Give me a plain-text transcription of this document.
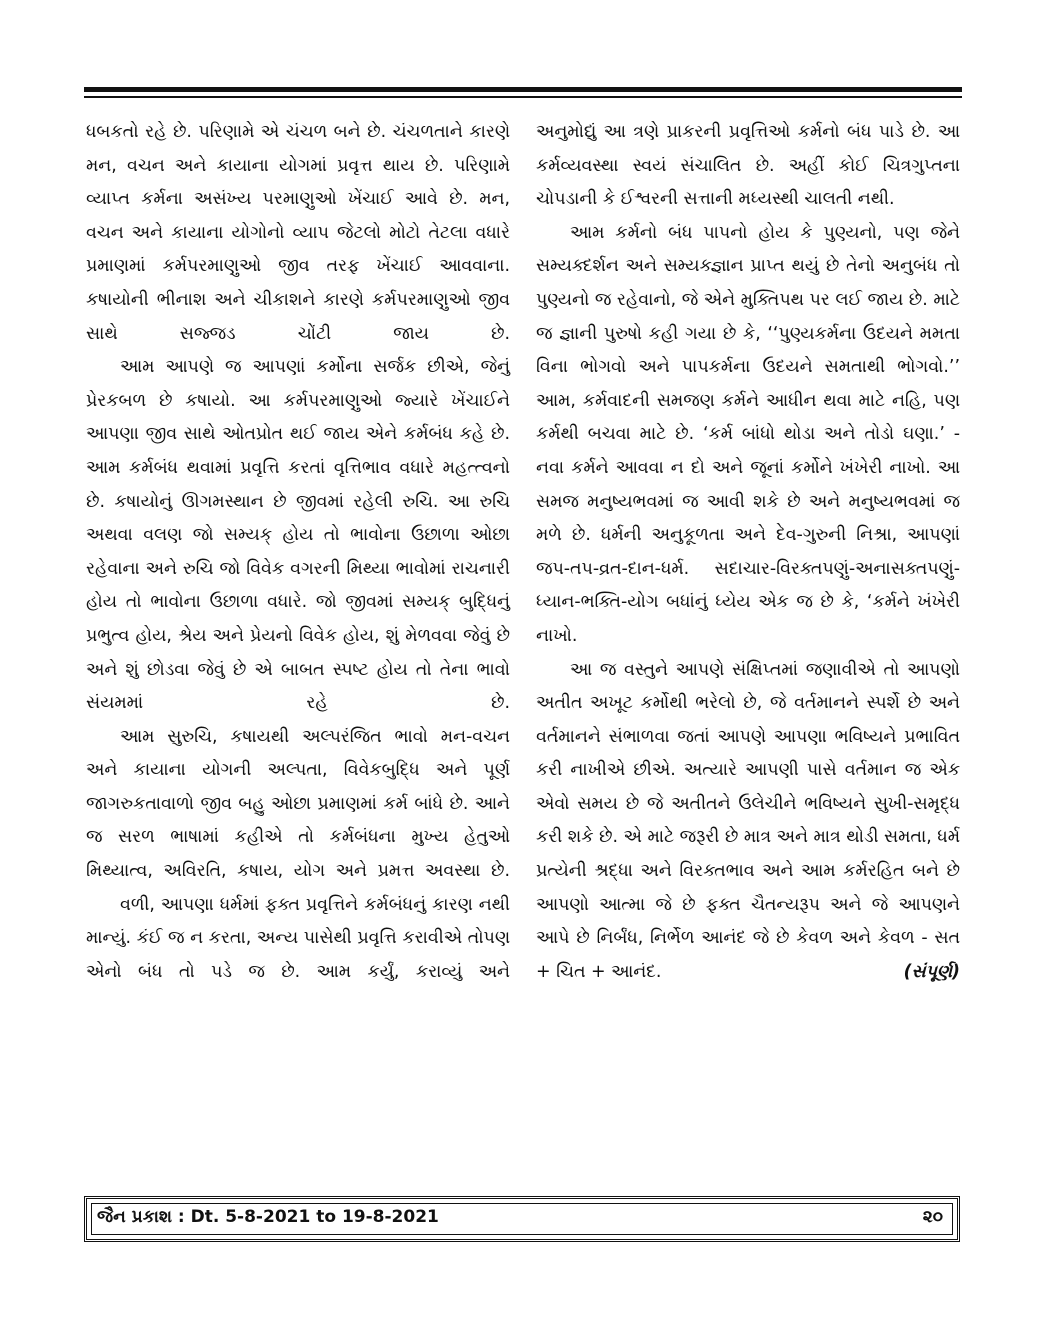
ધબકતો રહે છે. પરિણામે એ ચંચળ બને છે. ચંચળતાને કારણે મન, વચન અને કાયાના યોગમાં પ્રવૃત્ત થાય છે. પરિણામે વ્યાપ્ત કર્મના અસંખ્ય પરમાણુઓ ખેંચાઈ આવે છે. મન, વચન અને કાયાના યોગોનો વ્યાપ જેટલો મોટો તેટલા વધારે પ્રમાણમાં કર્મપરમાણુઓ જીવ તરફ ખેંચાઈ આવવાના. કષાયોની ભીનાશ અને ચીકાશને કારણે કર્મપરમાણુઓ જીવ સાથે સજ્જડ ચોંટી જાય છે.

આમ આપણે જ આપણાં કર્મોના સર્જક છીએ, જેનું પ્રેરકબળ છે કષાયો. આ કર્મપરમાણુઓ જ્યારે ખેંચાઈને આપણા જીવ સાથે ઓતપ્રોત થઈ જાય એને કર્મબંધ કહે છે. આમ કર્મબંધ થવામાં પ્રવૃત્તિ કરતાં વૃત્તિભાવ વધારે મહત્ત્વનો છે. કષાયોનું ઊગમસ્થાન છે જીવમાં રહેલી રુચિ. આ રુચિ અથવા વલણ જો સમ્યક્ હોય તો ભાવોના ઉછાળા ઓછા રહેવાના અને રુચિ જો વિવેક વગરની મિથ્યા ભાવોમાં રાચનારી હોય તો ભાવોના ઉછાળા વધારે. જો જીવમાં સમ્યક્ બુદ્ધિનું પ્રભુત્વ હોય, શ્રેય અને પ્રેયનો વિવેક હોય, શું મેળવવા જેવું છે અને શું છોડવા જેવું છે એ બાબત સ્પષ્ટ હોય તો તેના ભાવો સંયમમાં રહે છે.

આમ સુરુચિ, કષાયથી અલ્પરંજિત ભાવો મન-વચન અને કાયાના યોગની અલ્પતા, વિવેકબુદ્ધિ અને પૂર્ણ જાગરુકતાવાળો જીવ બહુ ઓછા પ્રમાણમાં કર્મ બાંધે છે. આને જ સરળ ભાષામાં કહીએ તો કર્મબંધના મુખ્ય હેતુઓ મિથ્યાત્વ, અવિરતિ, કષાય, યોગ અને પ્રમત્ત અવસ્થા છે.

વળી, આપણા ધર્મમાં ફક્ત પ્રવૃત્તિને કર્મબંધનું કારણ નથી માન્યું. કંઈ જ ન કરતા, અન્ય પાસેથી પ્રવૃત્તિ કરાવીએ તોપણ એનો બંધ તો પડે જ છે. આમ કર્યું, કરાવ્યું અને

અનુમોદ્યું આ ત્રણે પ્રાકરની પ્રવૃત્તિઓ કર્મનો બંધ પાડે છે. આ કર્મવ્યવસ્થા સ્વયં સંચાલિત છે. અહીં કોઈ ચિત્રગુપ્તના ચોપડાની કે ઈશ્વરની સત્તાની મધ્યસ્થી ચાલતી નથી.

આમ કર્મનો બંધ પાપનો હોય કે પુણ્યનો, પણ જેને સમ્યક્દર્શન અને સમ્યક્જ્ઞાન પ્રાપ્ત થયું છે તેનો અનુબંધ તો પુણ્યનો જ રહેવાનો, જે એને મુક્તિપથ પર લઈ જાય છે. માટે જ જ્ઞાની પુરુષો કહી ગયા છે કે, ‘‘પુણ્યકર્મના ઉદયને મમતા વિના ભોગવો અને પાપકર્મના ઉદયને સમતાથી ભોગવો.’’ આમ, કર્મવાદની સમજણ કર્મને આધીન થવા માટે નહિ, પણ કર્મથી બચવા માટે છે. ‘કર્મ બાંધો થોડા અને તોડો ઘણા.’ - નવા કર્મને આવવા ન દો અને જૂનાં કર્મોને ખંખેરી નાખો. આ સમજ મનુષ્યભવમાં જ આવી શકે છે અને મનુષ્યભવમાં જ મળે છે. ધર્મની અનુકૂળતા અને દેવ-ગુરુની નિશ્રા, આપણાં જપ-તપ-વ્રત-દાન-ધર્મ. સદાચાર-વિરક્તપણું-અનાસક્તપણું-ધ્યાન-ભક્તિ-યોગ બધાંનું ધ્યેય એક જ છે કે, ‘કર્મને ખંખેરી નાખો.

આ જ વસ્તુને આપણે સંક્ષિપ્તમાં જણાવીએ તો આપણો અતીત અખૂટ કર્મોથી ભરેલો છે, જે વર્તમાનને સ્પર્શે છે અને વર્તમાનને સંભાળવા જતાં આપણે આપણા ભવિષ્યને પ્રભાવિત કરી નાખીએ છીએ. અત્યારે આપણી પાસે વર્તમાન જ એક એવો સમય છે જે અતીતને ઉલેચીને ભવિષ્યને સુખી-સમૃદ્ધ કરી શકે છે. એ માટે જરૂરી છે માત્ર અને માત્ર થોડી સમતા, ધર્મ પ્રત્યેની શ્રદ્ધા અને વિરક્તભાવ અને આમ કર્મરહિત બને છે આપણો આત્મા જે છે ફક્ત ચૈતન્યરૂપ અને જે આપણને આપે છે નિર્બંધ, નિર્ભેળ આનંદ જે છે કેવળ અને કેવળ - સત + ચિત + આનંદ.	(સંપૂર્ણ)

જૈન પ્રકાશ : Dt. 5-8-2021 to 19-8-2021	૨૦
